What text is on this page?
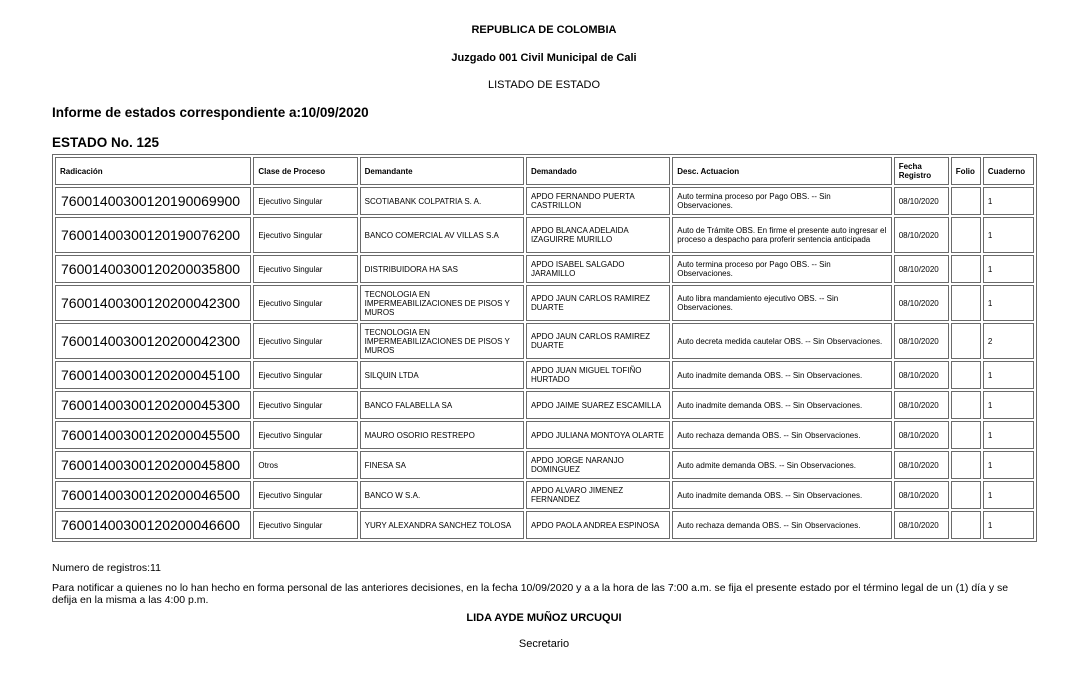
REPUBLICA DE COLOMBIA
Juzgado 001 Civil Municipal de Cali
LISTADO DE ESTADO
Informe de estados correspondiente a:10/09/2020
ESTADO No. 125
Radicación	Clase de Proceso	Demandante	Demandado	Desc. Actuacion	Fecha Registro	Folio	Cuaderno
76001400300120190069900	Ejecutivo Singular	SCOTIABANK COLPATRIA S. A.	APDO FERNANDO PUERTA CASTRILLON	Auto termina proceso por Pago OBS. -- Sin Observaciones.	08/10/2020		1
76001400300120190076200	Ejecutivo Singular	BANCO COMERCIAL AV VILLAS S.A	APDO BLANCA ADELAIDA IZAGUIRRE MURILLO	Auto de Trámite OBS. En firme el presente auto ingresar el proceso a despacho para proferir sentencia anticipada	08/10/2020		1
76001400300120200035800	Ejecutivo Singular	DISTRIBUIDORA HA SAS	APDO ISABEL SALGADO JARAMILLO	Auto termina proceso por Pago OBS. -- Sin Observaciones.	08/10/2020		1
76001400300120200042300	Ejecutivo Singular	TECNOLOGIA EN IMPERMEABILIZACIONES DE PISOS Y MUROS	APDO JAUN CARLOS RAMIREZ DUARTE	Auto libra mandamiento ejecutivo OBS. -- Sin Observaciones.	08/10/2020		1
76001400300120200042300	Ejecutivo Singular	TECNOLOGIA EN IMPERMEABILIZACIONES DE PISOS Y MUROS	APDO JAUN CARLOS RAMIREZ DUARTE	Auto decreta medida cautelar OBS. -- Sin Observaciones.	08/10/2020		2
76001400300120200045100	Ejecutivo Singular	SILQUIN LTDA	APDO JUAN MIGUEL TOFIÑO HURTADO	Auto inadmite demanda OBS. -- Sin Observaciones.	08/10/2020		1
76001400300120200045300	Ejecutivo Singular	BANCO FALABELLA SA	APDO JAIME SUAREZ ESCAMILLA	Auto inadmite demanda OBS. -- Sin Observaciones.	08/10/2020		1
76001400300120200045500	Ejecutivo Singular	MAURO OSORIO RESTREPO	APDO JULIANA MONTOYA OLARTE	Auto rechaza demanda OBS. -- Sin Observaciones.	08/10/2020		1
76001400300120200045800	Otros	FINESA SA	APDO JORGE NARANJO DOMINGUEZ	Auto admite demanda OBS. -- Sin Observaciones.	08/10/2020		1
76001400300120200046500	Ejecutivo Singular	BANCO W S.A.	APDO ALVARO JIMENEZ FERNANDEZ	Auto inadmite demanda OBS. -- Sin Observaciones.	08/10/2020		1
76001400300120200046600	Ejecutivo Singular	YURY ALEXANDRA SANCHEZ TOLOSA	APDO PAOLA ANDREA ESPINOSA	Auto rechaza demanda OBS. -- Sin Observaciones.	08/10/2020		1
Numero de registros:11
Para notificar a quienes no lo han hecho en forma personal de las anteriores decisiones, en la fecha 10/09/2020 y a a la hora de las 7:00 a.m. se fija el presente estado por el término legal de un (1) día y se defija en la misma a las 4:00 p.m.
LIDA AYDE MUÑOZ URCUQUI
Secretario
